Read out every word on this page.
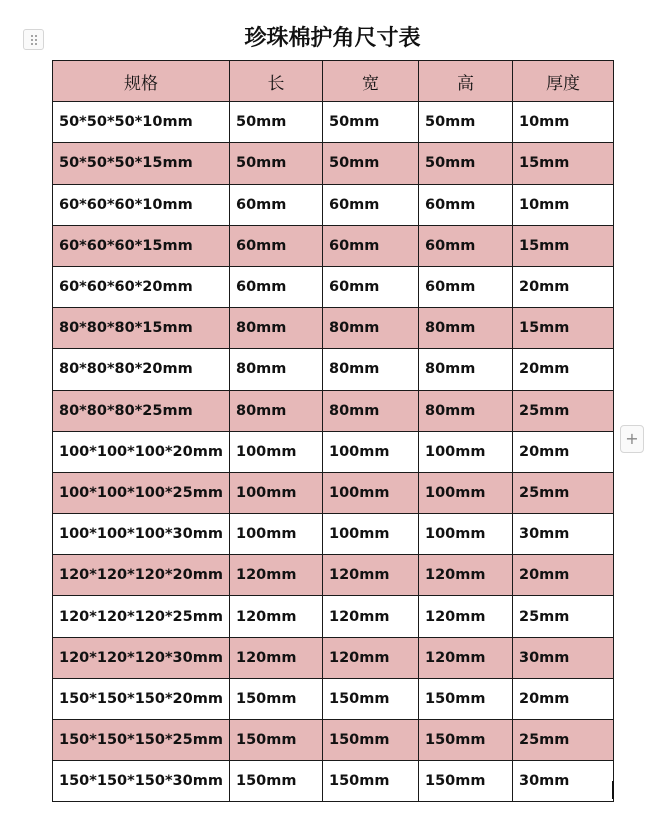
珍珠棉护角尺寸表
规格	长	宽	高	厚度
50*50*50*10mm	50mm	50mm	50mm	10mm
50*50*50*15mm	50mm	50mm	50mm	15mm
60*60*60*10mm	60mm	60mm	60mm	10mm
60*60*60*15mm	60mm	60mm	60mm	15mm
60*60*60*20mm	60mm	60mm	60mm	20mm
80*80*80*15mm	80mm	80mm	80mm	15mm
80*80*80*20mm	80mm	80mm	80mm	20mm
80*80*80*25mm	80mm	80mm	80mm	25mm
100*100*100*20mm	100mm	100mm	100mm	20mm
100*100*100*25mm	100mm	100mm	100mm	25mm
100*100*100*30mm	100mm	100mm	100mm	30mm
120*120*120*20mm	120mm	120mm	120mm	20mm
120*120*120*25mm	120mm	120mm	120mm	25mm
120*120*120*30mm	120mm	120mm	120mm	30mm
150*150*150*20mm	150mm	150mm	150mm	20mm
150*150*150*25mm	150mm	150mm	150mm	25mm
150*150*150*30mm	150mm	150mm	150mm	30mm
+
